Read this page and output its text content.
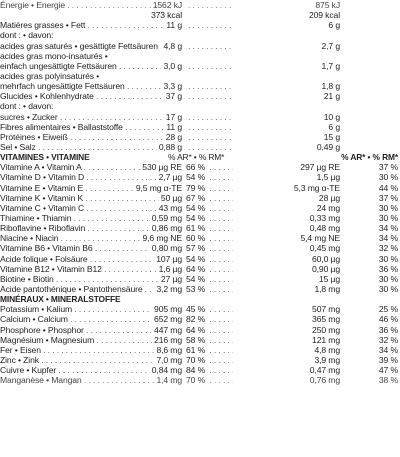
Énergie • Energie . . .	1562 kJ . . .	875 kJ
373 kcal	209 kcal
Matières grasses • Fett . . .	11 g . . .	6 g
dont : • davon:
acides gras saturés • gesättigte Fettsäuren . . . 4,8 g . . .	2,7 g
acides gras mono-insaturés •
einfach ungesättigte Fettsäuren . . .	3,0 g . . .	1,7 g
acides gras polyinsaturés •
mehrfach ungesättigte Fettsäuren . . .	3,3 g . . .	1,8 g
Glucides • Kohlenhydrate . . .	37 g . . .	21 g
dont : • davon:
sucres • Zucker . . .	17 g . . .	10 g
Fibres alimentaires • Ballaststoffe . . .	11 g . . .	6 g
Protéines • Eiweiß . . .	28 g . . .	15 g
Sel • Salz . . .	0,88 g . . .	0,49 g
VITAMINES • VITAMINE	% AR* • % RM*	% AR* • % RM*
Vitamine A • Vitamin A . . .	530 µg RE 66 % . . .	297 µg RE	37 %
Vitamine D • Vitamin D . . .	2,7 µg 54 % . . .	1,5 µg	30 %
Vitamine E • Vitamin E . . .	9,5 mg α-TE 79 % . . .	5,3 mg α-TE	44 %
Vitamine K • Vitamin K . . .	50 µg 67 % . . .	28 µg	37 %
Vitamine C • Vitamin C . . .	43 mg 54 % . . .	24 mg	30 %
Thiamine • Thiamin . . .	0,59 mg 54 % . . .	0,33 mg	30 %
Riboflavine • Riboflavin . . .	0,86 mg 61 % . . .	0,48 mg	34 %
Niacine • Niacin . . .	9,6 mg NE 60 % . . .	5,4 mg NE	34 %
Vitamine B6 • Vitamin B6 . . .	0,80 mg 57 % . . .	0,45 mg	32 %
Acide folique • Folsäure . . .	107 µg 54 % . . .	60,0 µg	30 %
Vitamine B12 • Vitamin B12 . . .	1,6 µg 64 % . . .	0,90 µg	36 %
Biotine • Biotin . . .	27 µg 54 % . . .	15 µg	30 %
Acide pantothénique • Pantothensäure . . .	3,2 mg 53 % . . .	1,8 mg	30 %
MINÉRAUX • MINERALSTOFFE
Potassium • Kalium . . .	905 mg 45 % . . .	507 mg	25 %
Calcium • Calcium . . .	652 mg 82 % . . .	365 mg	46 %
Phosphore • Phosphor . . .	447 mg 64 % . . .	250 mg	36 %
Magnésium • Magnesium . . .	216 mg 58 % . . .	121 mg	32 %
Fer • Eisen . . .	8,6 mg 61 % . . .	4,8 mg	34 %
Zinc • Zink . . .	7,0 mg 70 % . . .	3,9 mg	39 %
Cuivre • Kupfer . . .	0,84 mg 84 % . . .	0,47 mg	47 %
Manganèse • Mangan . . .	1,4 mg 70 % . . .	0,76 mg	38 %
